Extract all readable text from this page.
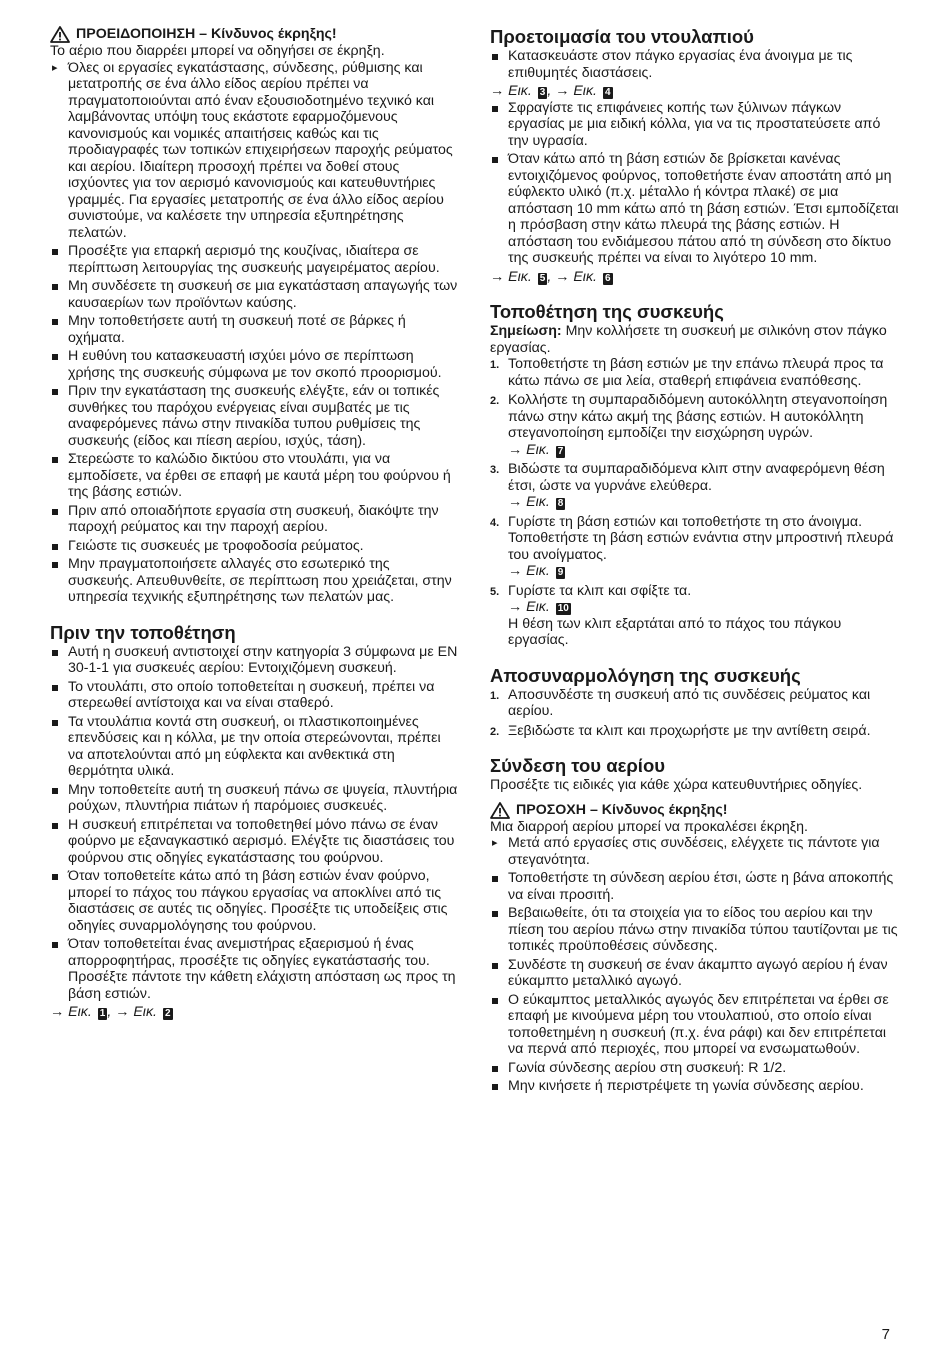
ΠΡΟΕΙΔΟΠΟΙΗΣΗ – Κίνδυνος έκρηξης!

Το αέριο που διαρρέει μπορεί να οδηγήσει σε έκρηξη.

▸ Όλες οι εργασίες εγκατάστασης, σύνδεσης, ρύθμισης και μετατροπής σε ένα άλλο είδος αερίου πρέπει να πραγματοποιούνται από έναν εξουσιοδοτημένο τεχνικό και λαμβάνοντας υπόψη τους εκάστοτε εφαρμοζόμενους κανονισμούς και νομικές απαιτήσεις καθώς και τις προδιαγραφές των τοπικών επιχειρήσεων παροχής ρεύματος και αερίου. Ιδιαίτερη προσοχή πρέπει να δοθεί στους ισχύοντες για τον αερισμό κανονισμούς και κατευθυντήριες γραμμές. Για εργασίες μετατροπής σε ένα άλλο είδος αερίου συνιστούμε, να καλέσετε την υπηρεσία εξυπηρέτησης πελατών.
Προσέξτε για επαρκή αερισμό της κουζίνας, ιδιαίτερα σε περίπτωση λειτουργίας της συσκευής μαγειρέματος αερίου.
Μη συνδέσετε τη συσκευή σε μια εγκατάσταση απαγωγής των καυσαερίων των προϊόντων καύσης.
Μην τοποθετήσετε αυτή τη συσκευή ποτέ σε βάρκες ή οχήματα.
Η ευθύνη του κατασκευαστή ισχύει μόνο σε περίπτωση χρήσης της συσκευής σύμφωνα με τον σκοπό προορισμού.
Πριν την εγκατάσταση της συσκευής ελέγξτε, εάν οι τοπικές συνθήκες του παρόχου ενέργειας είναι συμβατές με τις αναφερόμενες πάνω στην πινακίδα τυπου ρυθμίσεις της συσκευής (είδος και πίεση αερίου, ισχύς, τάση).
Στερεώστε το καλώδιο δικτύου στο ντουλάπι, για να εμποδίσετε, να έρθει σε επαφή με καυτά μέρη του φούρνου ή της βάσης εστιών.
Πριν από οποιαδήποτε εργασία στη συσκευή, διακόψτε την παροχή ρεύματος και την παροχή αερίου.
Γειώστε τις συσκευές με τροφοδοσία ρεύματος.
Μην πραγματοποιήσετε αλλαγές στο εσωτερικό της συσκευής. Απευθυνθείτε, σε περίπτωση που χρειάζεται, στην υπηρεσία τεχνικής εξυπηρέτησης των πελατών μας.
Πριν την τοποθέτηση
Αυτή η συσκευή αντιστοιχεί στην κατηγορία 3 σύμφωνα με EN 30-1-1 για συσκευές αερίου: Εντοιχιζόμενη συσκευή.
Το ντουλάπι, στο οποίο τοποθετείται η συσκευή, πρέπει να στερεωθεί αντίστοιχα και να είναι σταθερό.
Τα ντουλάπια κοντά στη συσκευή, οι πλαστικοποιημένες επενδύσεις και η κόλλα, με την οποία στερεώνονται, πρέπει να αποτελούνται από μη εύφλεκτα και ανθεκτικά στη θερμότητα υλικά.
Μην τοποθετείτε αυτή τη συσκευή πάνω σε ψυγεία, πλυντήρια ρούχων, πλυντήρια πιάτων ή παρόμοιες συσκευές.
Η συσκευή επιτρέπεται να τοποθετηθεί μόνο πάνω σε έναν φούρνο με εξαναγκαστικό αερισμό. Ελέγξτε τις διαστάσεις του φούρνου στις οδηγίες εγκατάστασης του φούρνου.
Όταν τοποθετείτε κάτω από τη βάση εστιών έναν φούρνο, μπορεί το πάχος του πάγκου εργασίας να αποκλίνει από τις διαστάσεις σε αυτές τις οδηγίες. Προσέξτε τις υποδείξεις στις οδηγίες συναρμολόγησης του φούρνου.
Όταν τοποθετείται ένας ανεμιστήρας εξαερισμού ή ένας απορροφητήρας, προσέξτε τις οδηγίες εγκατάστασής του. Προσέξτε πάντοτε την κάθετη ελάχιστη απόσταση ως προς τη βάση εστιών.

→ Εικ. 1 , → Εικ. 2

Προετοιμασία του ντουλαπιού
Κατασκευάστε στον πάγκο εργασίας ένα άνοιγμα με τις επιθυμητές διαστάσεις.

→ Εικ. 3 , → Εικ. 4

Σφραγίστε τις επιφάνειες κοπής των ξύλινων πάγκων εργασίας με μια ειδική κόλλα, για να τις προστατεύσετε από την υγρασία.
Όταν κάτω από τη βάση εστιών δε βρίσκεται κανένας εντοιχιζόμενος φούρνος, τοποθετήστε έναν αποστάτη από μη εύφλεκτο υλικό (π.χ. μέταλλο ή κόντρα πλακέ) σε μια απόσταση 10 mm κάτω από τη βάση εστιών. Έτσι εμποδίζεται η πρόσβαση στην κάτω πλευρά της βάσης εστιών. Η απόσταση του ενδιάμεσου πάτου από τη σύνδεση στο δίκτυο της συσκευής πρέπει να είναι το λιγότερο 10 mm.

→ Εικ. 5 , → Εικ. 6

Τοποθέτηση της συσκευής

Σημείωση: Μην κολλήσετε τη συσκευή με σιλικόνη στον πάγκο εργασίας.

1. Τοποθετήστε τη βάση εστιών με την επάνω πλευρά προς τα κάτω πάνω σε μια λεία, σταθερή επιφάνεια εναπόθεσης.
2. Κολλήστε τη συμπαραδιδόμενη αυτοκόλλητη στεγανοποίηση πάνω στην κάτω ακμή της βάσης εστιών. Η αυτοκόλλητη στεγανοποίηση εμποδίζει την εισχώρηση υγρών.
→ Εικ. 7
3. Βιδώστε τα συμπαραδιδόμενα κλιπ στην αναφερόμενη θέση έτσι, ώστε να γυρνάνε ελεύθερα.
→ Εικ. 8
4. Γυρίστε τη βάση εστιών και τοποθετήστε τη στο άνοιγμα. Τοποθετήστε τη βάση εστιών ενάντια στην μπροστινή πλευρά του ανοίγματος.
→ Εικ. 9
5. Γυρίστε τα κλιπ και σφίξτε τα.
→ Εικ. 10
Η θέση των κλιπ εξαρτάται από το πάχος του πάγκου εργασίας.
Αποσυναρμολόγηση της συσκευής
1. Αποσυνδέστε τη συσκευή από τις συνδέσεις ρεύματος και αερίου.
2. Ξεβιδώστε τα κλιπ και προχωρήστε με την αντίθετη σειρά.
Σύνδεση του αερίου

Προσέξτε τις ειδικές για κάθε χώρα κατευθυντήριες οδηγίες.

ΠΡΟΣΟΧΗ – Κίνδυνος έκρηξης!

Μια διαρροή αερίου μπορεί να προκαλέσει έκρηξη.

▸ Μετά από εργασίες στις συνδέσεις, ελέγχετε τις πάντοτε για στεγανότητα.
Τοποθετήστε τη σύνδεση αερίου έτσι, ώστε η βάνα αποκοπής να είναι προσιτή.
Βεβαιωθείτε, ότι τα στοιχεία για το είδος του αερίου και την πίεση του αερίου πάνω στην πινακίδα τύπου ταυτίζονται με τις τοπικές προϋποθέσεις σύνδεσης.
Συνδέστε τη συσκευή σε έναν άκαμπτο αγωγό αερίου ή έναν εύκαμπτο μεταλλικό αγωγό.
Ο εύκαμπτος μεταλλικός αγωγός δεν επιτρέπεται να έρθει σε επαφή με κινούμενα μέρη του ντουλαπιού, στο οποίο είναι τοποθετημένη η συσκευή (π.χ. ένα ράφι) και δεν επιτρέπεται να περνά από περιοχές, που μπορεί να ενσωματωθούν.
Γωνία σύνδεσης αερίου στη συσκευή: R 1/2.
Μην κινήσετε ή περιστρέψετε τη γωνία σύνδεσης αερίου.
7
